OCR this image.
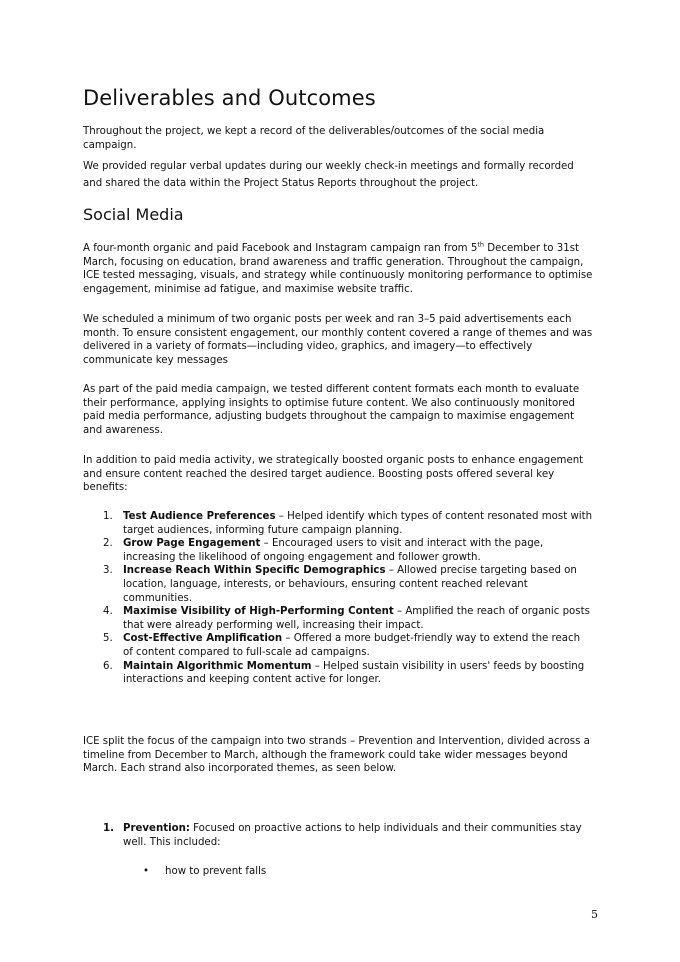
Deliverables and Outcomes

Throughout the project, we kept a record of the deliverables/outcomes of the social media campaign.

We provided regular verbal updates during our weekly check-in meetings and formally recorded and shared the data within the Project Status Reports throughout the project.

Social Media

A four-month organic and paid Facebook and Instagram campaign ran from 5th December to 31st March, focusing on education, brand awareness and traffic generation. Throughout the campaign, ICE tested messaging, visuals, and strategy while continuously monitoring performance to optimise engagement, minimise ad fatigue, and maximise website traffic.

We scheduled a minimum of two organic posts per week and ran 3–5 paid advertisements each month. To ensure consistent engagement, our monthly content covered a range of themes and was delivered in a variety of formats—including video, graphics, and imagery—to effectively communicate key messages

As part of the paid media campaign, we tested different content formats each month to evaluate their performance, applying insights to optimise future content. We also continuously monitored paid media performance, adjusting budgets throughout the campaign to maximise engagement and awareness.

In addition to paid media activity, we strategically boosted organic posts to enhance engagement and ensure content reached the desired target audience. Boosting posts offered several key benefits:

1. Test Audience Preferences – Helped identify which types of content resonated most with target audiences, informing future campaign planning.
2. Grow Page Engagement – Encouraged users to visit and interact with the page, increasing the likelihood of ongoing engagement and follower growth.
3. Increase Reach Within Specific Demographics – Allowed precise targeting based on location, language, interests, or behaviours, ensuring content reached relevant communities.
4. Maximise Visibility of High-Performing Content – Amplified the reach of organic posts that were already performing well, increasing their impact.
5. Cost-Effective Amplification – Offered a more budget-friendly way to extend the reach of content compared to full-scale ad campaigns.
6. Maintain Algorithmic Momentum – Helped sustain visibility in users' feeds by boosting interactions and keeping content active for longer.

ICE split the focus of the campaign into two strands – Prevention and Intervention, divided across a timeline from December to March, although the framework could take wider messages beyond March. Each strand also incorporated themes, as seen below.

1. Prevention: Focused on proactive actions to help individuals and their communities stay well. This included:
• how to prevent falls
5
